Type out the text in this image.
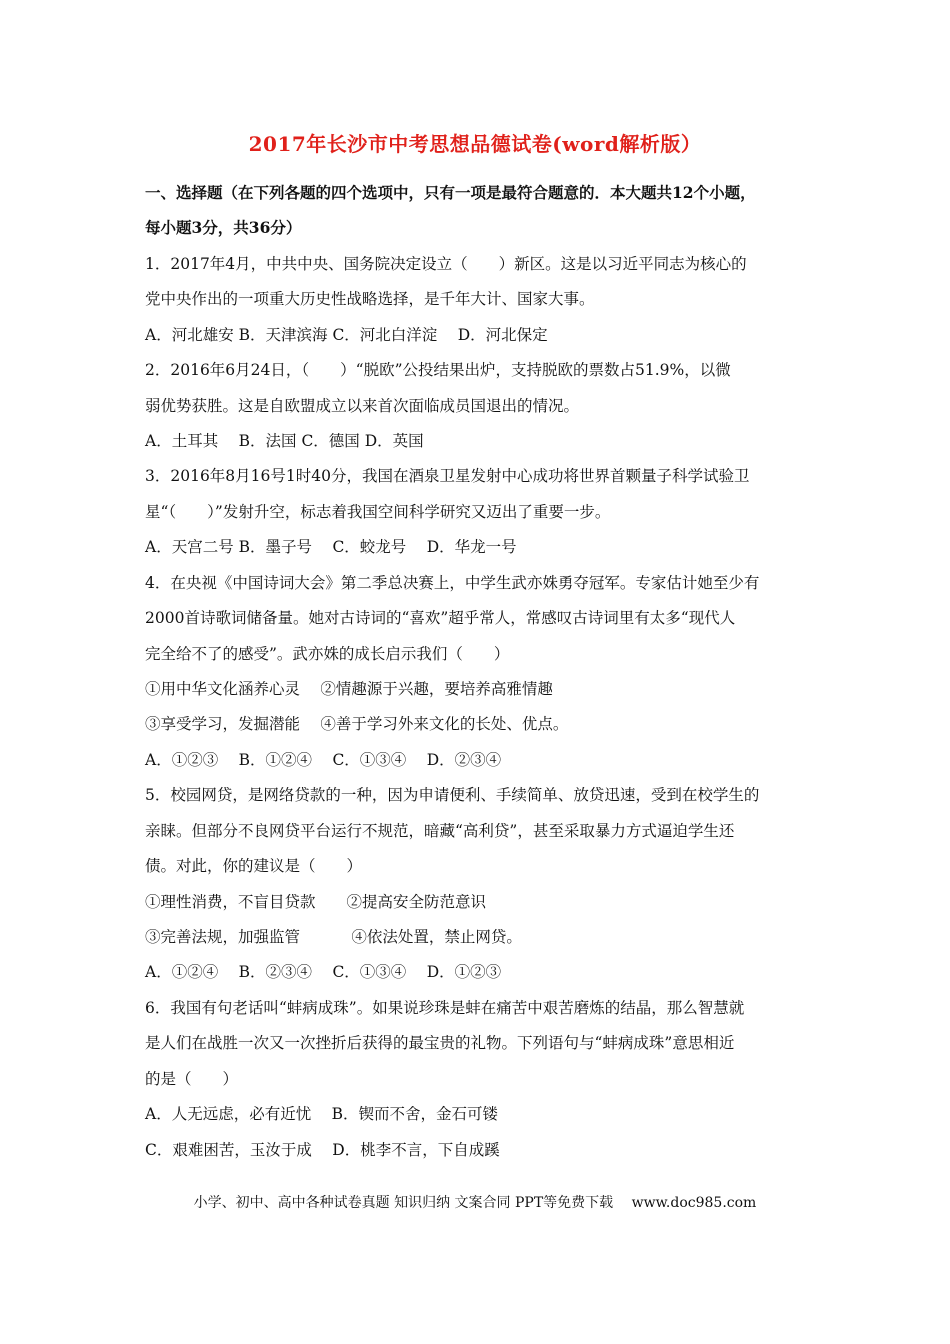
2017年长沙市中考思想品德试卷(word解析版）
一、选择题（在下列各题的四个选项中，只有一项是最符合题意的．本大题共12个小题，
每小题3分，共36分）
1．2017年4月，中共中央、国务院决定设立（　　）新区。这是以习近平同志为核心的
党中央作出的一项重大历史性战略选择，是千年大计、国家大事。
A．河北雄安 B．天津滨海 C．河北白洋淀　 D．河北保定
2．2016年6月24日，（　　）“脱欧”公投结果出炉，支持脱欧的票数占51.9%，以微
弱优势获胜。这是自欧盟成立以来首次面临成员国退出的情况。
A．土耳其　 B．法国 C．德国 D．英国
3．2016年8月16号1时40分，我国在酒泉卫星发射中心成功将世界首颗量子科学试验卫
星“（　　）”发射升空，标志着我国空间科学研究又迈出了重要一步。
A．天宫二号 B．墨子号　 C．蛟龙号　 D．华龙一号
4．在央视《中国诗词大会》第二季总决赛上，中学生武亦姝勇夺冠军。专家估计她至少有
2000首诗歌词储备量。她对古诗词的“喜欢”超乎常人，常感叹古诗词里有太多“现代人
完全给不了的感受”。武亦姝的成长启示我们（　　）
①用中华文化涵养心灵　 ②情趣源于兴趣，要培养高雅情趣
③享受学习，发掘潜能　 ④善于学习外来文化的长处、优点。
A．①②③　 B．①②④　 C．①③④　 D．②③④
5．校园网贷，是网络贷款的一种，因为申请便利、手续简单、放贷迅速，受到在校学生的
亲睐。但部分不良网贷平台运行不规范，暗藏“高利贷”，甚至采取暴力方式逼迫学生还
债。对此，你的建议是（　　）
①理性消费，不盲目贷款　　②提高安全防范意识
③完善法规，加强监管　　　 ④依法处置，禁止网贷。
A．①②④　 B．②③④　 C．①③④　 D．①②③
6．我国有句老话叫“蚌病成珠”。如果说珍珠是蚌在痛苦中艰苦磨炼的结晶，那么智慧就
是人们在战胜一次又一次挫折后获得的最宝贵的礼物。下列语句与“蚌病成珠”意思相近
的是（　　）
A．人无远虑，必有近忧　 B．锲而不舍，金石可镂
C．艰难困苦，玉汝于成　 D．桃李不言，下自成蹊
小学、初中、高中各种试卷真题 知识归纳 文案合同 PPT等免费下载　 www.doc985.com
